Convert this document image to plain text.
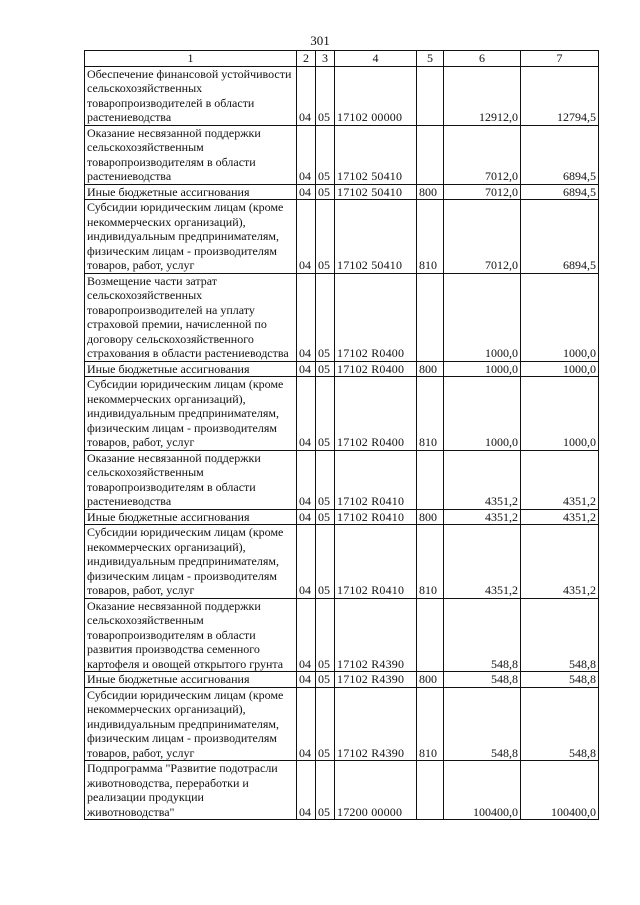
301
1	2	3	4	5	6	7
Обеспечение финансовой устойчивости сельскохозяйственных товаропроизводителей в области растениеводства	04	05	17102 00000		12912,0	12794,5
Оказание несвязанной поддержки сельскохозяйственным товаропроизводителям в области растениеводства	04	05	17102 50410		7012,0	6894,5
Иные бюджетные ассигнования	04	05	17102 50410	800	7012,0	6894,5
Субсидии юридическим лицам (кроме некоммерческих организаций), индивидуальным предпринимателям, физическим лицам - производителям товаров, работ, услуг	04	05	17102 50410	810	7012,0	6894,5
Возмещение части затрат сельскохозяйственных товаропроизводителей на уплату страховой премии, начисленной по договору сельскохозяйственного страхования в области растениеводства	04	05	17102 R0400		1000,0	1000,0
Иные бюджетные ассигнования	04	05	17102 R0400	800	1000,0	1000,0
Субсидии юридическим лицам (кроме некоммерческих организаций), индивидуальным предпринимателям, физическим лицам - производителям товаров, работ, услуг	04	05	17102 R0400	810	1000,0	1000,0
Оказание несвязанной поддержки сельскохозяйственным товаропроизводителям в области растениеводства	04	05	17102 R0410		4351,2	4351,2
Иные бюджетные ассигнования	04	05	17102 R0410	800	4351,2	4351,2
Субсидии юридическим лицам (кроме некоммерческих организаций), индивидуальным предпринимателям, физическим лицам - производителям товаров, работ, услуг	04	05	17102 R0410	810	4351,2	4351,2
Оказание несвязанной поддержки сельскохозяйственным товаропроизводителям в области развития производства семенного картофеля и овощей открытого грунта	04	05	17102 R4390		548,8	548,8
Иные бюджетные ассигнования	04	05	17102 R4390	800	548,8	548,8
Субсидии юридическим лицам (кроме некоммерческих организаций), индивидуальным предпринимателям, физическим лицам - производителям товаров, работ, услуг	04	05	17102 R4390	810	548,8	548,8
Подпрограмма "Развитие подотрасли животноводства, переработки и реализации продукции животноводства"	04	05	17200 00000		100400,0	100400,0
